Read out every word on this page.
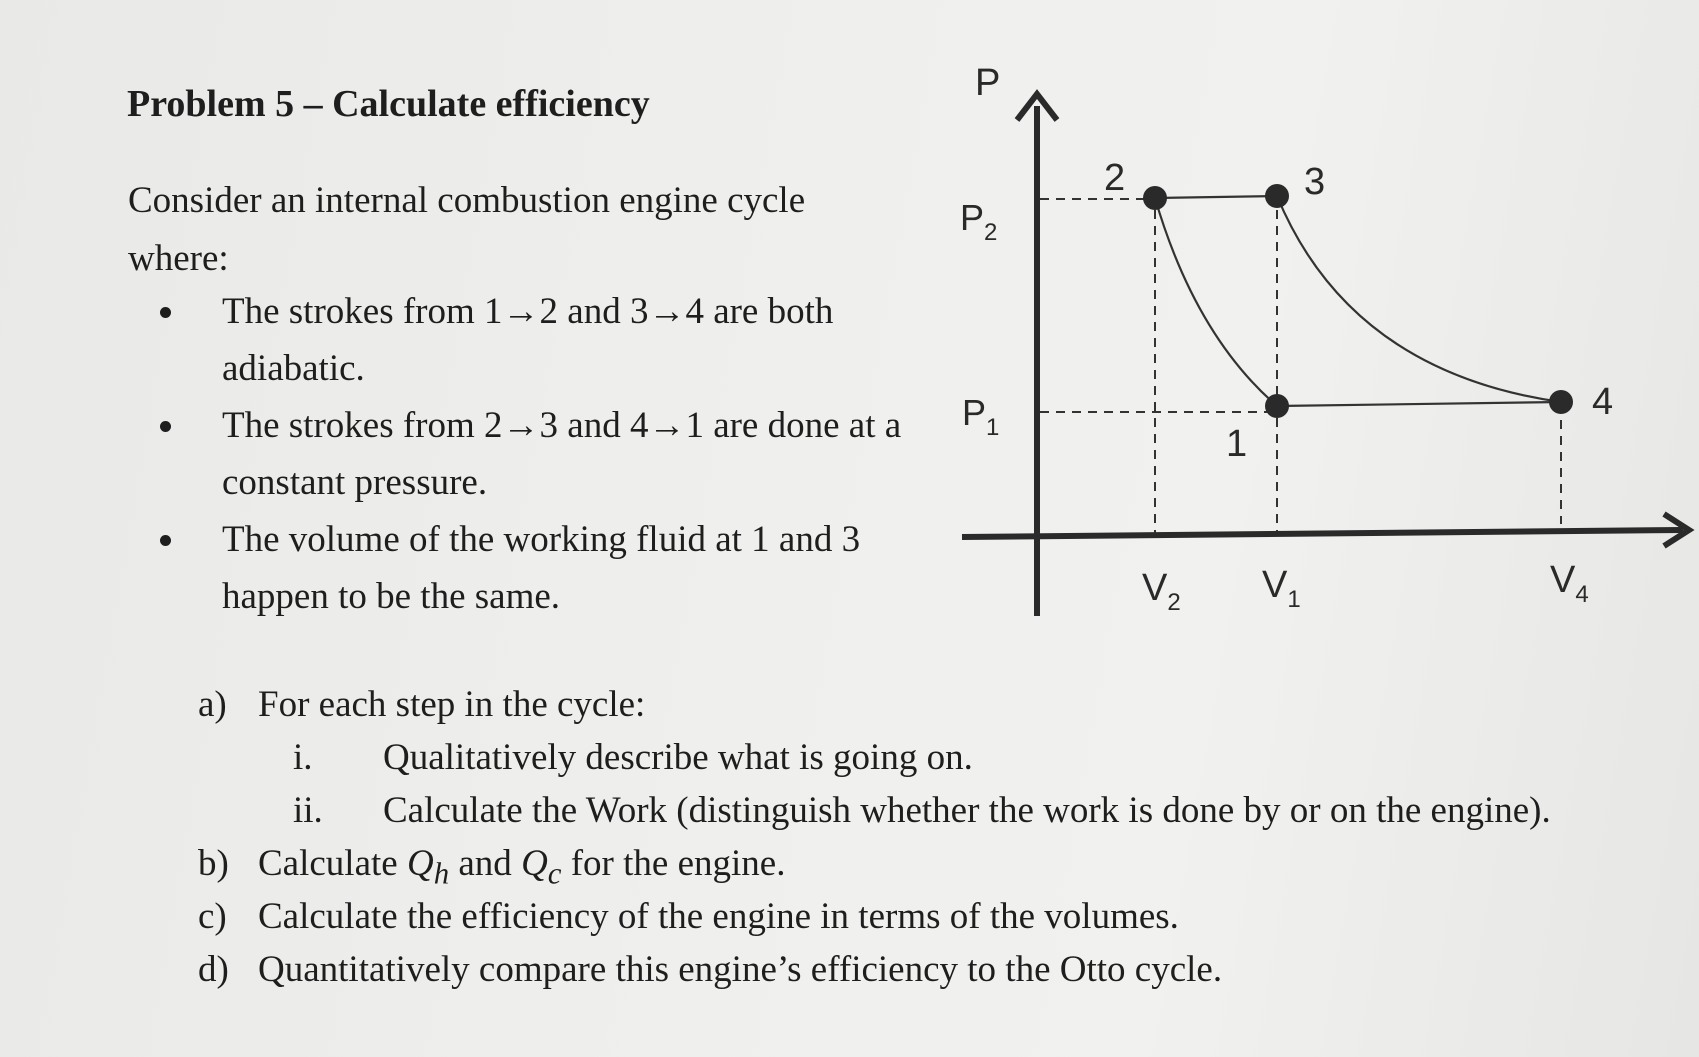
Problem 5 – Calculate efficiency
Consider an internal combustion engine cycle where:
The strokes from 1→2 and 3→4 are both adiabatic.
The strokes from 2→3 and 4→1 are done at a constant pressure.
The volume of the working fluid at 1 and 3 happen to be the same.
P
$P_2$
$P_1$
$V_2$ $V_1$	$V_4$
2	3
1
4
a) For each step in the cycle:
i. Qualitatively describe what is going on.
ii. Calculate the Work (distinguish whether the work is done by or on the engine).
b) Calculate $Q_h$ and $Q_c$ for the engine.
c) Calculate the efficiency of the engine in terms of the volumes.
d) Quantitatively compare this engine’s efficiency to the Otto cycle.
